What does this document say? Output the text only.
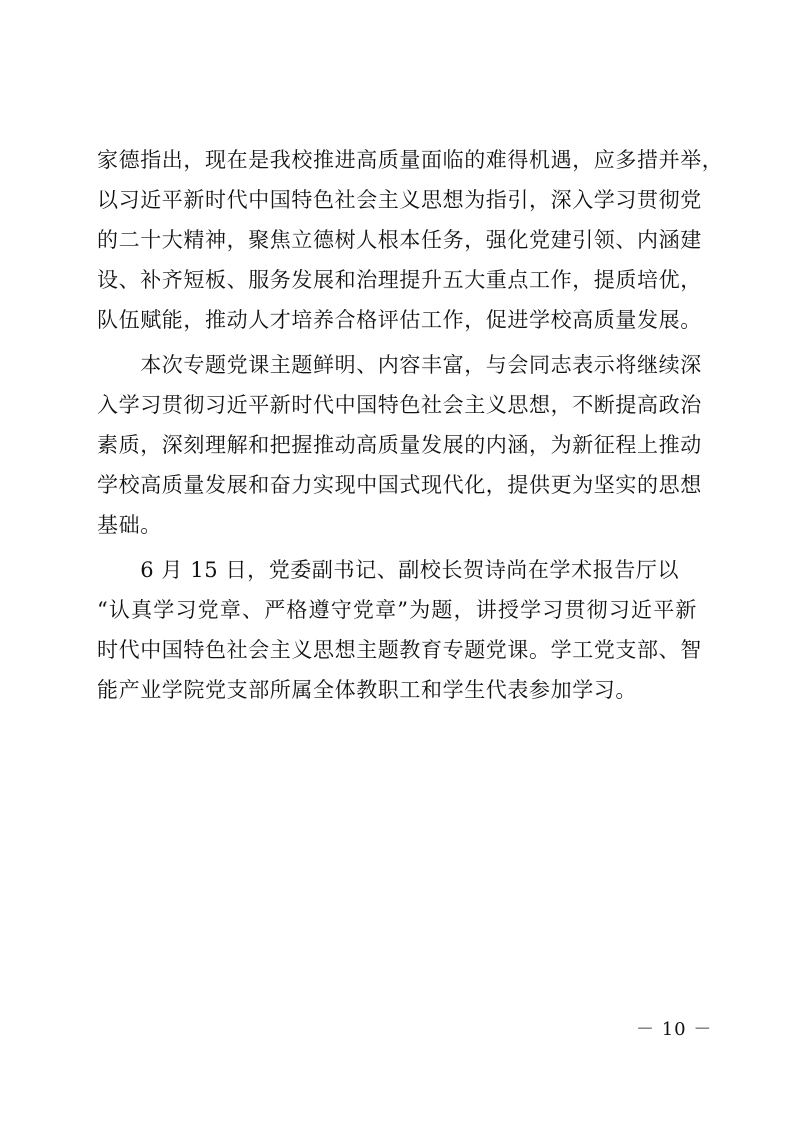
家德指出，现在是我校推进高质量面临的难得机遇，应多措并举，
以习近平新时代中国特色社会主义思想为指引，深入学习贯彻党
的二十大精神，聚焦立德树人根本任务，强化党建引领、内涵建
设、补齐短板、服务发展和治理提升五大重点工作，提质培优，
队伍赋能，推动人才培养合格评估工作，促进学校高质量发展。
　　本次专题党课主题鲜明、内容丰富，与会同志表示将继续深
入学习贯彻习近平新时代中国特色社会主义思想，不断提高政治
素质，深刻理解和把握推动高质量发展的内涵，为新征程上推动
学校高质量发展和奋力实现中国式现代化，提供更为坚实的思想
基础。
　　6 月 15 日，党委副书记、副校长贺诗尚在学术报告厅以
“认真学习党章、严格遵守党章”为题，讲授学习贯彻习近平新
时代中国特色社会主义思想主题教育专题党课。学工党支部、智
能产业学院党支部所属全体教职工和学生代表参加学习。
－ 10 －
